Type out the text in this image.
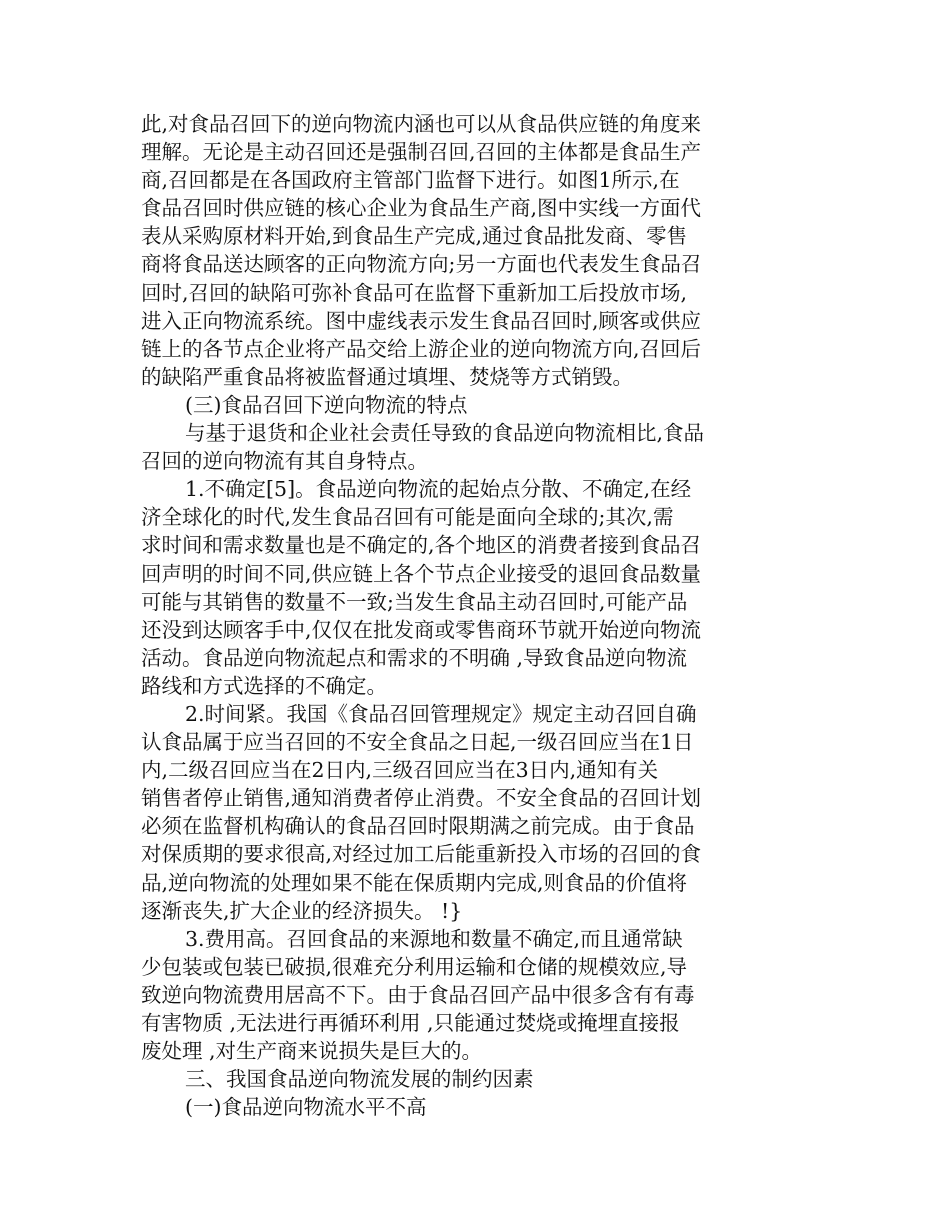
此,对食品召回下的逆向物流内涵也可以从食品供应链的角度来
理解。无论是主动召回还是强制召回,召回的主体都是食品生产
商,召回都是在各国政府主管部门监督下进行。如图1所示,在
食品召回时供应链的核心企业为食品生产商,图中实线一方面代
表从采购原材料开始,到食品生产完成,通过食品批发商、零售
商将食品送达顾客的正向物流方向;另一方面也代表发生食品召
回时,召回的缺陷可弥补食品可在监督下重新加工后投放市场,
进入正向物流系统。图中虚线表示发生食品召回时,顾客或供应
链上的各节点企业将产品交给上游企业的逆向物流方向,召回后
的缺陷严重食品将被监督通过填埋、焚烧等方式销毁。
(三)食品召回下逆向物流的特点
与基于退货和企业社会责任导致的食品逆向物流相比,食品
召回的逆向物流有其自身特点。
1.不确定[5]。食品逆向物流的起始点分散、不确定,在经
济全球化的时代,发生食品召回有可能是面向全球的;其次,需
求时间和需求数量也是不确定的,各个地区的消费者接到食品召
回声明的时间不同,供应链上各个节点企业接受的退回食品数量
可能与其销售的数量不一致;当发生食品主动召回时,可能产品
还没到达顾客手中,仅仅在批发商或零售商环节就开始逆向物流
活动。食品逆向物流起点和需求的不明确 ,导致食品逆向物流
路线和方式选择的不确定。
2.时间紧。我国《食品召回管理规定》规定主动召回自确
认食品属于应当召回的不安全食品之日起,一级召回应当在1日
内,二级召回应当在2日内,三级召回应当在3日内,通知有关
销售者停止销售,通知消费者停止消费。不安全食品的召回计划
必须在监督机构确认的食品召回时限期满之前完成。由于食品
对保质期的要求很高,对经过加工后能重新投入市场的召回的食
品,逆向物流的处理如果不能在保质期内完成,则食品的价值将
逐渐丧失,扩大企业的经济损失。 !}
3.费用高。召回食品的来源地和数量不确定,而且通常缺
少包装或包装已破损,很难充分利用运输和仓储的规模效应,导
致逆向物流费用居高不下。由于食品召回产品中很多含有有毒
有害物质 ,无法进行再循环利用 ,只能通过焚烧或掩埋直接报
废处理 ,对生产商来说损失是巨大的。
三、我国食品逆向物流发展的制约因素
(一)食品逆向物流水平不高
